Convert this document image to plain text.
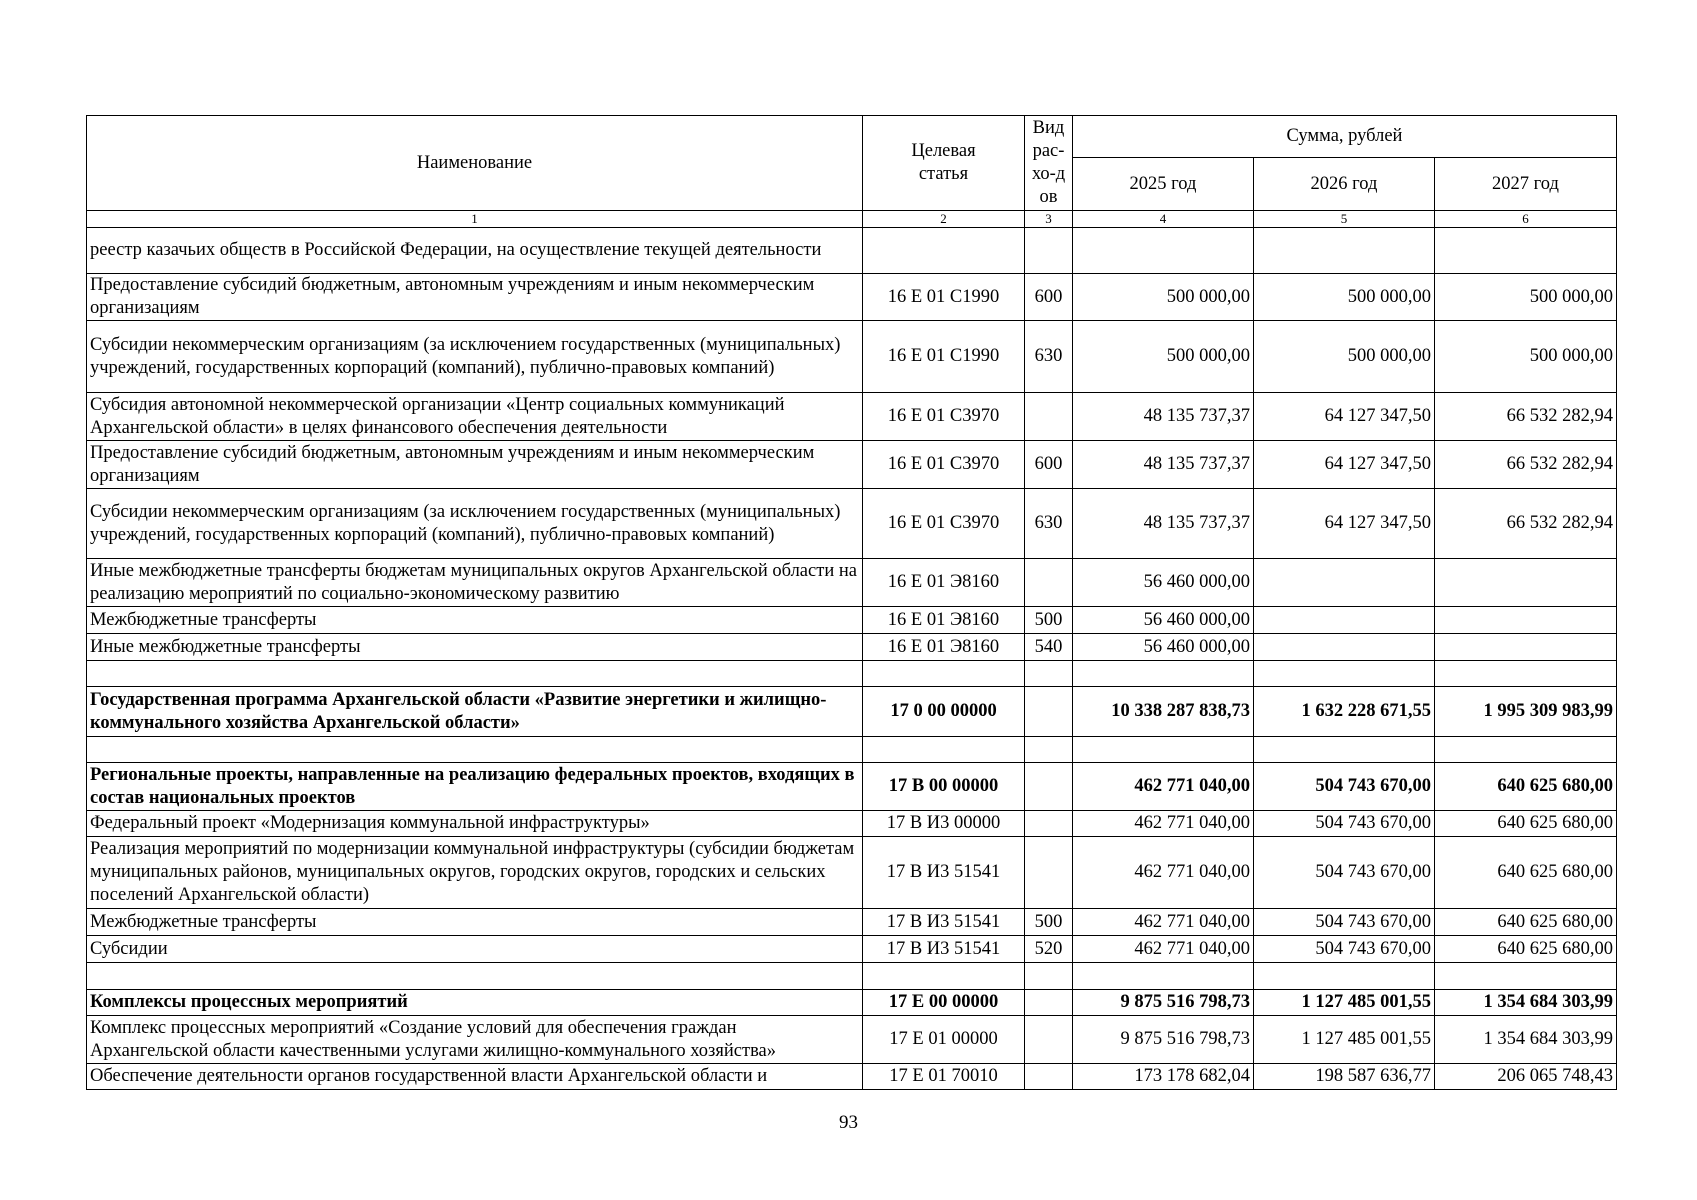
Наименование	Целевая статья	Вид рас-хо-дов	Сумма, рублей		
			2025 год	2026 год	2027 год
1	2	3	4	5	6
реестр казачьих обществ в Российской Федерации, на осуществление текущей деятельности					
Предоставление субсидий бюджетным, автономным учреждениям и иным некоммерческим организациям	16 Е 01 С1990	600	500 000,00	500 000,00	500 000,00
Субсидии некоммерческим организациям (за исключением государственных (муниципальных) учреждений, государственных корпораций (компаний), публично-правовых компаний)	16 Е 01 С1990	630	500 000,00	500 000,00	500 000,00
Субсидия автономной некоммерческой организации «Центр социальных коммуникаций Архангельской области» в целях финансового обеспечения деятельности	16 Е 01 С3970		48 135 737,37	64 127 347,50	66 532 282,94
Предоставление субсидий бюджетным, автономным учреждениям и иным некоммерческим организациям	16 Е 01 С3970	600	48 135 737,37	64 127 347,50	66 532 282,94
Субсидии некоммерческим организациям (за исключением государственных (муниципальных) учреждений, государственных корпораций (компаний), публично-правовых компаний)	16 Е 01 С3970	630	48 135 737,37	64 127 347,50	66 532 282,94
Иные межбюджетные трансферты бюджетам муниципальных округов Архангельской области на реализацию мероприятий по социально-экономическому развитию	16 Е 01 Э8160		56 460 000,00		
Межбюджетные трансферты	16 Е 01 Э8160	500	56 460 000,00		
Иные межбюджетные трансферты	16 Е 01 Э8160	540	56 460 000,00		

Государственная программа Архангельской области «Развитие энергетики и жилищно-коммунального хозяйства Архангельской области»	17 0 00 00000		10 338 287 838,73	1 632 228 671,55	1 995 309 983,99

Региональные проекты, направленные на реализацию федеральных проектов, входящих в состав национальных проектов	17 В 00 00000		462 771 040,00	504 743 670,00	640 625 680,00
Федеральный проект «Модернизация коммунальной инфраструктуры»	17 В И3 00000		462 771 040,00	504 743 670,00	640 625 680,00
Реализация мероприятий по модернизации коммунальной инфраструктуры (субсидии бюджетам муниципальных районов, муниципальных округов, городских округов, городских и сельских поселений Архангельской области)	17 В И3 51541		462 771 040,00	504 743 670,00	640 625 680,00
Межбюджетные трансферты	17 В И3 51541	500	462 771 040,00	504 743 670,00	640 625 680,00
Субсидии	17 В И3 51541	520	462 771 040,00	504 743 670,00	640 625 680,00

Комплексы процессных мероприятий	17 Е 00 00000		9 875 516 798,73	1 127 485 001,55	1 354 684 303,99
Комплекс процессных мероприятий «Создание условий для обеспечения граждан Архангельской области качественными услугами жилищно-коммунального хозяйства»	17 Е 01 00000		9 875 516 798,73	1 127 485 001,55	1 354 684 303,99
Обеспечение деятельности органов государственной власти Архангельской области и	17 Е 01 70010		173 178 682,04	198 587 636,77	206 065 748,43
93
